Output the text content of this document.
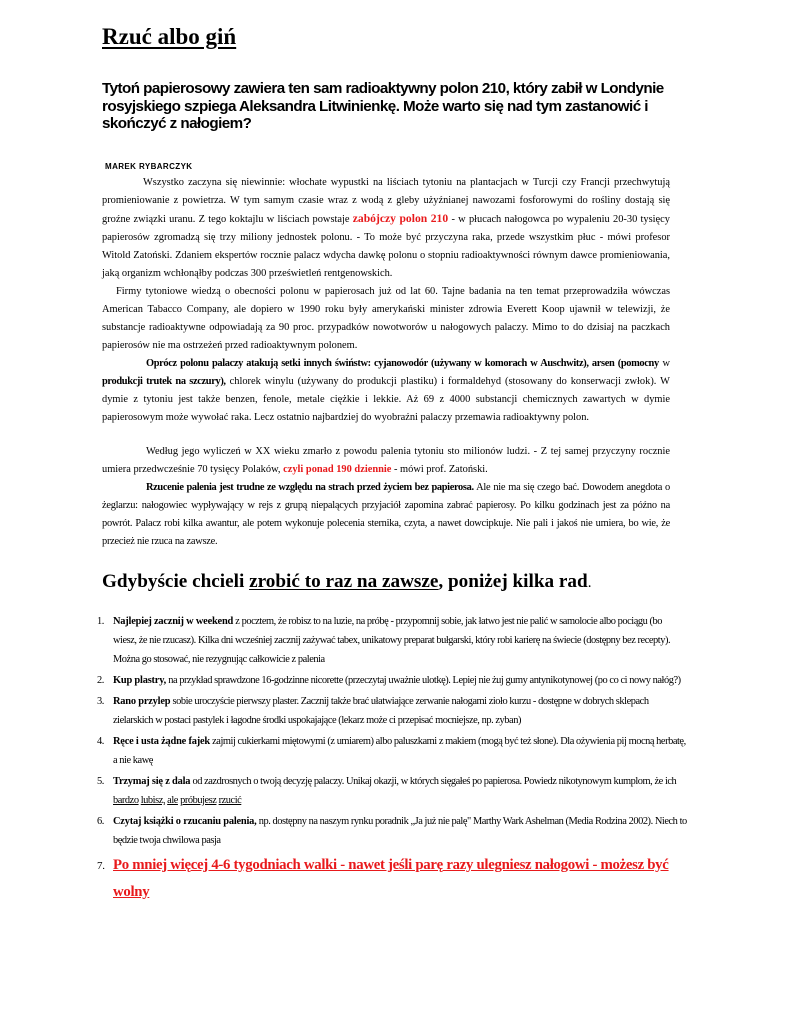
Rzuć albo giń

Tytoń papierosowy zawiera ten sam radioaktywny polon 210, który zabił w Londynie rosyjskiego szpiega Aleksandra Litwinienkę. Może warto się nad tym zastanowić i skończyć z nałogiem?

MAREK RYBARCZYK

Wszystko zaczyna się niewinnie: włochate wypustki na liściach tytoniu na plantacjach w Turcji czy Francji przechwytują promieniowanie z powietrza. W tym samym czasie wraz z wodą z gleby użyźnianej nawozami fosforowymi do rośliny dostają się groźne związki uranu. Z tego koktajlu w liściach powstaje zabójczy polon 210 - w płucach nałogowca po wypaleniu 20-30 tysięcy papierosów zgromadzą się trzy miliony jednostek polonu. - To może być przyczyna raka, przede wszystkim płuc - mówi profesor Witold Zatoński. Zdaniem ekspertów rocznie palacz wdycha dawkę polonu o stopniu radioaktywności równym dawce promieniowania, jaką organizm wchłonąłby podczas 300 prześwietleń rentgenowskich.

Firmy tytoniowe wiedzą o obecności polonu w papierosach już od lat 60. Tajne badania na ten temat przeprowadziła wówczas American Tabacco Company, ale dopiero w 1990 roku były amerykański minister zdrowia Everett Koop ujawnił w telewizji, że substancje radioaktywne odpowiadają za 90 proc. przypadków nowotworów u nałogowych palaczy. Mimo to do dzisiaj na paczkach papierosów nie ma ostrzeżeń przed radioaktywnym polonem.

Oprócz polonu palaczy atakują setki innych świństw: cyjanowodór (używany w komorach w Auschwitz), arsen (pomocny w produkcji trutek na szczury), chlorek winylu (używany do produkcji plastiku) i formaldehyd (stosowany do konserwacji zwłok). W dymie z tytoniu jest także benzen, fenole, metale ciężkie i lekkie. Aż 69 z 4000 substancji chemicznych zawartych w dymie papierosowym może wywołać raka. Lecz ostatnio najbardziej do wyobraźni palaczy przemawia radioaktywny polon.

Według jego wyliczeń w XX wieku zmarło z powodu palenia tytoniu sto milionów ludzi. - Z tej samej przyczyny rocznie umiera przedwcześnie 70 tysięcy Polaków, czyli ponad 190 dziennie - mówi prof. Zatoński.

Rzucenie palenia jest trudne ze względu na strach przed życiem bez papierosa. Ale nie ma się czego bać. Dowodem anegdota o żeglarzu: nałogowiec wypływający w rejs z grupą niepalących przyjaciół zapomina zabrać papierosy. Po kilku godzinach jest za późno na powrót. Palacz robi kilka awantur, ale potem wykonuje polecenia sternika, czyta, a nawet dowcipkuje. Nie pali i jakoś nie umiera, bo wie, że przecież nie rzuca na zawsze.

Gdybyście chcieli zrobić to raz na zawsze, poniżej kilka rad.
1. Najlepiej zacznij w weekend z pocztem, że robisz to na luzie, na próbę - przypomnij sobie, jak łatwo jest nie palić w samolocie albo pociągu (bo wiesz, że nie rzucasz). Kilka dni wcześniej zacznij zażywać tabex, unikatowy preparat bułgarski, który robi karierę na świecie (dostępny bez recepty). Można go stosować, nie rezygnując całkowicie z palenia
2. Kup plastry, na przykład sprawdzone 16-godzinne nicorette (przeczytaj uważnie ulotkę). Lepiej nie żuj gumy antynikotynowej (po co ci nowy nałóg?)
3. Rano przylep sobie uroczyście pierwszy plaster. Zacznij także brać ułatwiające zerwanie nałogami zioło kurzu - dostępne w dobrych sklepach zielarskich w postaci pastylek i łagodne środki uspokajające (lekarz może ci przepisać mocniejsze, np. zyban)
4. Ręce i usta żądne fajek zajmij cukierkami miętowymi (z umiarem) albo paluszkami z makiem (mogą być też słone). Dla ożywienia pij mocną herbatę, a nie kawę
5. Trzymaj się z dala od zazdrosnych o twoją decyzję palaczy. Unikaj okazji, w których sięgałeś po papierosa. Powiedz nikotynowym kumplom, że ich bardzo lubisz, ale próbujesz rzucić
6. Czytaj książki o rzucaniu palenia, np. dostępny na naszym rynku poradnik „Ja już nie palę" Marthy Wark Ashelman (Media Rodzina 2002). Niech to będzie twoja chwilowa pasja
7. Po mniej więcej 4-6 tygodniach walki - nawet jeśli parę razy ulegniesz nałogowi - możesz być wolny
